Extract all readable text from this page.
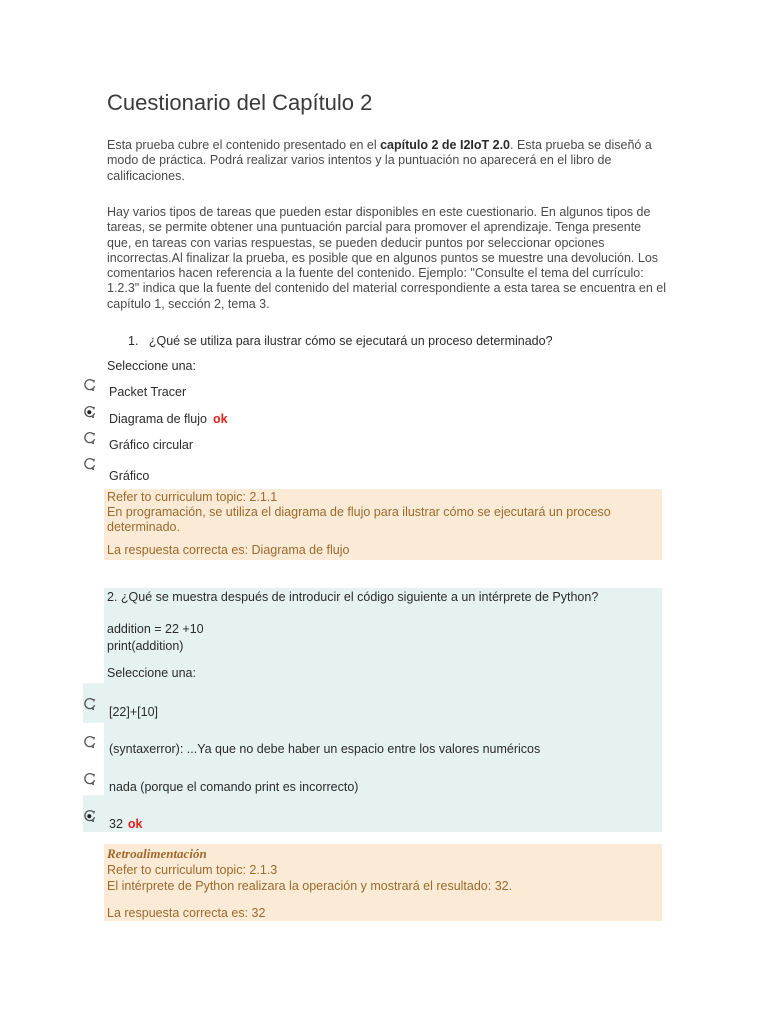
Cuestionario del Capítulo 2

Esta prueba cubre el contenido presentado en el capítulo 2 de I2IoT 2.0. Esta prueba se diseñó a modo de práctica. Podrá realizar varios intentos y la puntuación no aparecerá en el libro de calificaciones.

Hay varios tipos de tareas que pueden estar disponibles en este cuestionario. En algunos tipos de tareas, se permite obtener una puntuación parcial para promover el aprendizaje. Tenga presente que, en tareas con varias respuestas, se pueden deducir puntos por seleccionar opciones incorrectas.Al finalizar la prueba, es posible que en algunos puntos se muestre una devolución. Los comentarios hacen referencia a la fuente del contenido. Ejemplo: "Consulte el tema del currículo: 1.2.3" indica que la fuente del contenido del material correspondiente a esta tarea se encuentra en el capítulo 1, sección 2, tema 3.

1. ¿Qué se utiliza para ilustrar cómo se ejecutará un proceso determinado?
Seleccione una:
Packet Tracer
Diagrama de flujo ok
Gráfico circular
Gráfico
Refer to curriculum topic: 2.1.1
En programación, se utiliza el diagrama de flujo para ilustrar cómo se ejecutará un proceso determinado.
La respuesta correcta es: Diagrama de flujo
2. ¿Qué se muestra después de introducir el código siguiente a un intérprete de Python?
addition = 22 +10
print(addition)
Seleccione una:
[22]+[10]
(syntaxerror): ...Ya que no debe haber un espacio entre los valores numéricos
nada (porque el comando print es incorrecto)
32 ok
Retroalimentación
Refer to curriculum topic: 2.1.3
El intérprete de Python realizara la operación y mostrará el resultado: 32.
La respuesta correcta es: 32
